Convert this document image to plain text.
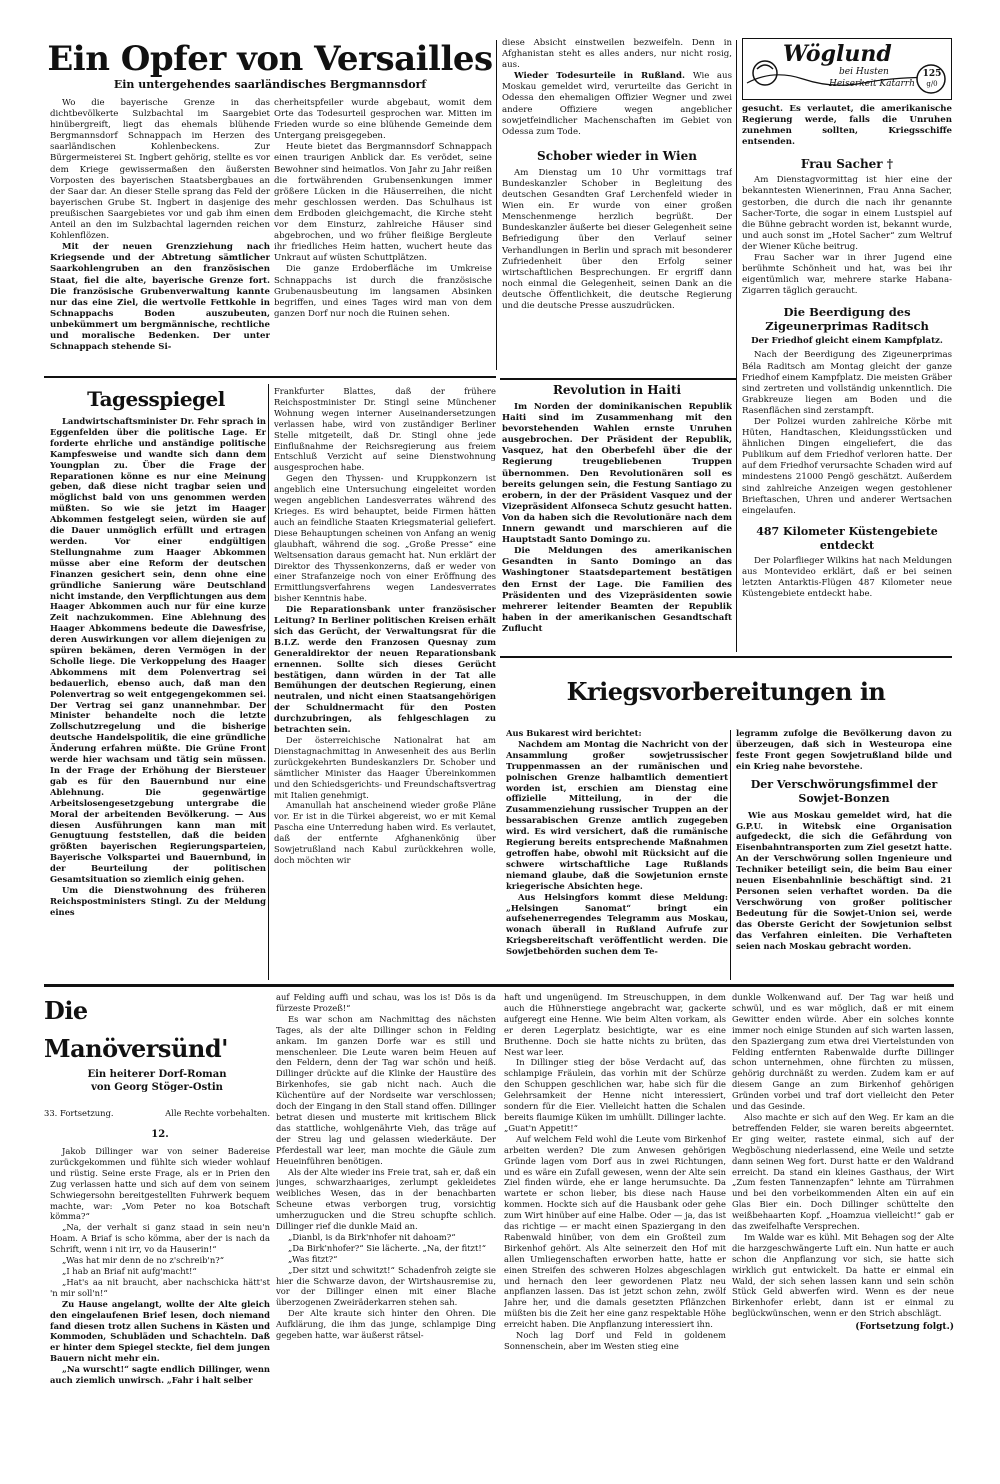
Ein Opfer von Versailles
Ein untergehendes saarländisches Bergmannsdorf

Wo die bayerische Grenze in das dichtbevölkerte Sulzbachtal im Saargebiet hinübergreift, liegt das ehemals blühende Bergmannsdorf Schnappach im Herzen des saarländischen Kohlenbeckens. Zur Bürgermeisterei St. Ingbert gehörig, stellte es vor dem Kriege gewissermaßen den äußersten Vorposten des bayerischen Staatsbergbaues an der Saar dar. An dieser Stelle sprang das Feld der bayerischen Grube St. Ingbert in dasjenige des preußischen Saargebietes vor und gab ihm einen Anteil an den im Sulzbachtal lagernden reichen Kohlenflözen.

Mit der neuen Grenzziehung nach Kriegsende und der Abtretung sämtlicher Saarkohlengruben an den französischen Staat, fiel die alte, bayerische Grenze fort. Die französische Grubenverwaltung kannte nur das eine Ziel, die wertvolle Fettkohle in Schnappachs Boden auszubeuten, unbekümmert um bergmännische, rechtliche und moralische Bedenken. Der unter Schnappach stehende Si-

cherheitspfeiler wurde abgebaut, womit dem Orte das Todesurteil gesprochen war. Mitten im Frieden wurde so eine blühende Gemeinde dem Untergang preisgegeben.

Heute bietet das Bergmannsdorf Schnappach einen traurigen Anblick dar. Es verödet, seine Bewohner sind heimatlos. Von Jahr zu Jahr reißen die fortwährenden Grubensenkungen immer größere Lücken in die Häuserreihen, die nicht mehr geschlossen werden. Das Schulhaus ist dem Erdboden gleichgemacht, die Kirche steht vor dem Einsturz, zahlreiche Häuser sind abgebrochen, und wo früher fleißige Bergleute ihr friedliches Heim hatten, wuchert heute das Unkraut auf wüsten Schuttplätzen.

Die ganze Erdoberfläche im Umkreise Schnappachs ist durch die französische Grubenausbeutung im langsamen Absinken begriffen, und eines Tages wird man von dem ganzen Dorf nur noch die Ruinen sehen.

diese Absicht einstweilen bezweifeln. Denn in Afghanistan steht es alles anders, nur nicht rosig, aus.

Wieder Todesurteile in Rußland. Wie aus Moskau gemeldet wird, verurteilte das Gericht in Odessa den ehemaligen Offizier Wegner und zwei andere Offiziere wegen angeblicher sowjetfeindlicher Machenschaften im Gebiet von Odessa zum Tode.

Schober wieder in Wien

Am Dienstag um 10 Uhr vormittags traf Bundeskanzler Schober in Begleitung des deutschen Gesandten Graf Lerchenfeld wieder in Wien ein. Er wurde von einer großen Menschenmenge herzlich begrüßt. Der Bundeskanzler äußerte bei dieser Gelegenheit seine Befriedigung über den Verlauf seiner Verhandlungen in Berlin und sprach mit besonderer Zufriedenheit über den Erfolg seiner wirtschaftlichen Besprechungen. Er ergriff dann noch einmal die Gelegenheit, seinen Dank an die deutsche Öffentlichkeit, die deutsche Regierung und die deutsche Presse auszudrücken.

Revolution in Haiti

Im Norden der dominikanischen Republik Haiti sind im Zusammenhang mit den bevorstehenden Wahlen ernste Unruhen ausgebrochen. Der Präsident der Republik, Vasquez, hat den Oberbefehl über die der Regierung treugebliebenen Truppen übernommen. Den Revolutionären soll es bereits gelungen sein, die Festung Santiago zu erobern, in der der Präsident Vasquez und der Vizepräsident Alfonseca Schutz gesucht hatten. Von da haben sich die Revolutionäre nach dem Innern gewandt und marschieren auf die Hauptstadt Santo Domingo zu.

Die Meldungen des amerikanischen Gesandten in Santo Domingo an das Washingtoner Staatsdepartement bestätigen den Ernst der Lage. Die Familien des Präsidenten und des Vizepräsidenten sowie mehrerer leitender Beamten der Republik haben in der amerikanischen Gesandtschaft Zuflucht

Wöglund
bei Husten
Heiserkeit Katarrh
125
g/0

gesucht. Es verlautet, die amerikanische Regierung werde, falls die Unruhen zunehmen sollten, Kriegsschiffe entsenden.

Frau Sacher †

Am Dienstagvormittag ist hier eine der bekanntesten Wienerinnen, Frau Anna Sacher, gestorben, die durch die nach ihr genannte Sacher-Torte, die sogar in einem Lustspiel auf die Bühne gebracht worden ist, bekannt wurde, und auch sonst im „Hotel Sacher“ zum Weltruf der Wiener Küche beitrug.

Frau Sacher war in ihrer Jugend eine berühmte Schönheit und hat, was bei ihr eigentümlich war, mehrere starke Habana-Zigarren täglich geraucht.

Die Beerdigung des Zigeunerprimas Raditsch
Der Friedhof gleicht einem Kampfplatz.

Nach der Beerdigung des Zigeunerprimas Béla Raditsch am Montag gleicht der ganze Friedhof einem Kampfplatz. Die meisten Gräber sind zertreten und vollständig unkenntlich. Die Grabkreuze liegen am Boden und die Rasenflächen sind zerstampft.

Der Polizei wurden zahlreiche Körbe mit Hüten, Handtaschen, Kleidungsstücken und ähnlichen Dingen eingeliefert, die das Publikum auf dem Friedhof verloren hatte. Der auf dem Friedhof verursachte Schaden wird auf mindestens 21000 Pengö geschätzt. Außerdem sind zahlreiche Anzeigen wegen gestohlener Brieftaschen, Uhren und anderer Wertsachen eingelaufen.

487 Kilometer Küstengebiete entdeckt

Der Polarflieger Wilkins hat nach Meldungen aus Montevideo erklärt, daß er bei seinen letzten Antarktis-Flügen 487 Kilometer neue Küstengebiete entdeckt habe.

Tagesspiegel

Landwirtschaftsminister Dr. Fehr sprach in Eggenfelden über die politische Lage. Er forderte ehrliche und anständige politische Kampfesweise und wandte sich dann dem Youngplan zu. Über die Frage der Reparationen könne es nur eine Meinung geben, daß diese nicht tragbar seien und möglichst bald von uns genommen werden müßten. So wie sie jetzt im Haager Abkommen festgelegt seien, würden sie auf die Dauer unmöglich erfüllt und ertragen werden. Vor einer endgültigen Stellungnahme zum Haager Abkommen müsse aber eine Reform der deutschen Finanzen gesichert sein, denn ohne eine gründliche Sanierung wäre Deutschland nicht imstande, den Verpflichtungen aus dem Haager Abkommen auch nur für eine kurze Zeit nachzukommen. Eine Ablehnung des Haager Abkommens bedeute die Dawesfrise, deren Auswirkungen vor allem diejenigen zu spüren bekämen, deren Vermögen in der Scholle liege. Die Verkoppelung des Haager Abkommens mit dem Polenvertrag sei bedauerlich, ebenso auch, daß man den Polenvertrag so weit entgegengekommen sei. Der Vertrag sei ganz unannehmbar. Der Minister behandelte noch die letzte Zollschutzregelung und die bisherige deutsche Handelspolitik, die eine gründliche Änderung erfahren müßte. Die Grüne Front werde hier wachsam und tätig sein müssen. In der Frage der Erhöhung der Biersteuer gab es für den Bauernbund nur eine Ablehnung. Die gegenwärtige Arbeitslosengesetzgebung untergrabe die Moral der arbeitenden Bevölkerung. — Aus diesen Ausführungen kann man mit Genugtuung feststellen, daß die beiden größten bayerischen Regierungsparteien, Bayerische Volkspartei und Bauernbund, in der Beurteilung der politischen Gesamtsituation so ziemlich einig gehen.

Um die Dienstwohnung des früheren Reichspostministers Stingl. Zu der Meldung eines

Frankfurter Blattes, daß der frühere Reichspostminister Dr. Stingl seine Münchener Wohnung wegen interner Auseinandersetzungen verlassen habe, wird von zuständiger Berliner Stelle mitgeteilt, daß Dr. Stingl ohne jede Einflußnahme der Reichsregierung aus freiem Entschluß Verzicht auf seine Dienstwohnung ausgesprochen habe.

Gegen den Thyssen- und Kruppkonzern ist angeblich eine Untersuchung eingeleitet worden wegen angeblichen Landesverrates während des Krieges. Es wird behauptet, beide Firmen hätten auch an feindliche Staaten Kriegsmaterial geliefert. Diese Behauptungen scheinen von Anfang an wenig glaubhaft, während die sog. „Große Presse“ eine Weltsensation daraus gemacht hat. Nun erklärt der Direktor des Thyssenkonzerns, daß er weder von einer Strafanzeige noch von einer Eröffnung des Ermittlungsverfahrens wegen Landesverrates bisher Kenntnis habe.

Die Reparationsbank unter französischer Leitung? In Berliner politischen Kreisen erhält sich das Gerücht, der Verwaltungsrat für die B.I.Z. werde den Franzosen Quesnay zum Generaldirektor der neuen Reparationsbank ernennen. Sollte sich dieses Gerücht bestätigen, dann würden in der Tat alle Bemühungen der deutschen Regierung, einen neutralen, und nicht einen Staatsangehörigen der Schuldnermacht für den Posten durchzubringen, als fehlgeschlagen zu betrachten sein.

Der österreichische Nationalrat hat am Dienstagnachmittag in Anwesenheit des aus Berlin zurückgekehrten Bundeskanzlers Dr. Schober und sämtlicher Minister das Haager Übereinkommen und den Schiedsgerichts- und Freundschaftsvertrag mit Italien genehmigt.

Amanullah hat anscheinend wieder große Pläne vor. Er ist in die Türkei abgereist, wo er mit Kemal Pascha eine Unterredung haben wird. Es verlautet, daß der entfernte Afghanenkönig über Sowjetrußland nach Kabul zurückkehren wolle, doch möchten wir

Kriegsvorbereitungen in

Aus Bukarest wird berichtet:

Nachdem am Montag die Nachricht von der Ansammlung großer sowjetrussischer Truppenmassen an der rumänischen und polnischen Grenze halbamtlich dementiert worden ist, erschien am Dienstag eine offizielle Mitteilung, in der die Zusammenziehung russischer Truppen an der bessarabischen Grenze amtlich zugegeben wird. Es wird versichert, daß die rumänische Regierung bereits entsprechende Maßnahmen getroffen habe, obwohl mit Rücksicht auf die schwere wirtschaftliche Lage Rußlands niemand glaube, daß die Sowjetunion ernste kriegerische Absichten hege.

Aus Helsingfors kommt diese Meldung: „Helsingen Sanomat“ bringt ein aufsehenerregendes Telegramm aus Moskau, wonach überall in Rußland Aufrufe zur Kriegsbereitschaft veröffentlicht werden. Die Sowjetbehörden suchen dem Te-

legramm zufolge die Bevölkerung davon zu überzeugen, daß sich in Westeuropa eine feste Front gegen Sowjetrußland bilde und ein Krieg nahe bevorstehe.

Der Verschwörungsfimmel der Sowjet-Bonzen

Wie aus Moskau gemeldet wird, hat die G.P.U. in Witebsk eine Organisation aufgedeckt, die sich die Gefährdung von Eisenbahntransporten zum Ziel gesetzt hatte. An der Verschwörung sollen Ingenieure und Techniker beteiligt sein, die beim Bau einer neuen Eisenbahnlinie beschäftigt sind. 21 Personen seien verhaftet worden. Da die Verschwörung von großer politischer Bedeutung für die Sowjet-Union sei, werde das Oberste Gericht der Sowjetunion selbst das Verfahren einleiten. Die Verhafteten seien nach Moskau gebracht worden.

Die Manöversünd'
Ein heiterer Dorf-Roman
von Georg Stöger-Ostin
33. Fortsetzung.	Alle Rechte vorbehalten.
12.

Jakob Dillinger war von seiner Badereise zurückgekommen und fühlte sich wieder wohlauf und rüstig. Seine erste Frage, als er in Prien den Zug verlassen hatte und sich auf dem von seinem Schwiegersohn bereitgestellten Fuhrwerk bequem machte, war: „Vom Peter no koa Botschaft kömma?“

„Na, der verhalt si ganz staad in sein neu'n Hoam. A Briaf is scho kömma, aber der is nach da Schrift, wenn i nit irr, vo da Hauserin!“

„Was hat mir denn de no z'schreib'n?“

„I hab an Briaf nit aufg'macht!“

„Hat's aa nit braucht, aber nachschicka hätt'st 'n mir soll'n!“

Zu Hause angelangt, wollte der Alte gleich den eingelaufenen Brief lesen, doch niemand fand diesen trotz allen Suchens in Kästen und Kommoden, Schubläden und Schachteln. Daß er hinter dem Spiegel steckte, fiel dem jungen Bauern nicht mehr ein.

„Na wurscht!“ sagte endlich Dillinger, wenn auch ziemlich unwirsch. „Fahr i halt selber

auf Felding auffi und schau, was los is! Dös is da fürzeste Prozeß!“

Es war schon am Nachmittag des nächsten Tages, als der alte Dillinger schon in Felding ankam. Im ganzen Dorfe war es still und menschenleer. Die Leute waren beim Heuen auf den Feldern, denn der Tag war schön und heiß. Dillinger drückte auf die Klinke der Haustüre des Birkenhofes, sie gab nicht nach. Auch die Küchentüre auf der Nordseite war verschlossen; doch der Eingang in den Stall stand offen. Dillinger betrat diesen und musterte mit kritischem Blick das stattliche, wohlgenährte Vieh, das träge auf der Streu lag und gelassen wiederkäute. Der Pferdestall war leer, man mochte die Gäule zum Heueinführen benötigen.

Als der Alte wieder ins Freie trat, sah er, daß ein junges, schwarzhaariges, zerlumpt gekleidetes weibliches Wesen, das in der benachbarten Scheune etwas verborgen trug, vorsichtig umherzugucken und die Streu schupfte schlich. Dillinger rief die dunkle Maid an.

„Dianbl, is da Birk'nhofer nit dahoam?“

„Da Birk'nhofer?“ Sie lächerte. „Na, der fitzt!“

„Was fitzt?“

„Der sitzt und schwitzt!“ Schadenfroh zeigte sie hier die Schwarze davon, der Wirtshausremise zu, vor der Dillinger einen mit einer Blache überzogenen Zweiräderkarren stehen sah.

Der Alte kraute sich hinter den Ohren. Die Aufklärung, die ihm das junge, schlampige Ding gegeben hatte, war äußerst rätsel-

haft und ungenügend. Im Streuschuppen, in dem auch die Hühnerstiege angebracht war, gackerte aufgeregt eine Henne. Wie beim Alten vorkam, als er deren Legerplatz besichtigte, war es eine Bruthenne. Doch sie hatte nichts zu brüten, das Nest war leer.

In Dillinger stieg der böse Verdacht auf, das schlampige Fräulein, das vorhin mit der Schürze den Schuppen geschlichen war, habe sich für die Gelehrsamkeit der Henne nicht interessiert, sondern für die Eier. Vielleicht hatten die Schalen bereits flaumige Küken im umhüllt. Dillinger lachte. „Guat'n Appetit!“

Auf welchem Feld wohl die Leute vom Birkenhof arbeiten werden? Die zum Anwesen gehörigen Gründe lagen vom Dorf aus in zwei Richtungen, und es wäre ein Zufall gewesen, wenn der Alte sein Ziel finden würde, ehe er lange herumsuchte. Da wartete er schon lieber, bis diese nach Hause kommen. Hockte sich auf die Hausbank oder gehe zum Wirt hinüber auf eine Halbe. Oder — ja, das ist das richtige — er macht einen Spaziergang in den Rabenwald hinüber, von dem ein Großteil zum Birkenhof gehört. Als Alte seinerzeit den Hof mit allen Umliegenschaften erworben hatte, hatte er einen Streifen des schweren Holzes abgeschlagen und hernach den leer gewordenen Platz neu anpflanzen lassen. Das ist jetzt schon zehn, zwölf Jahre her, und die damals gesetzten Pflänzchen müßten bis die Zeit her eine ganz respektable Höhe erreicht haben. Die Anpflanzung interessiert ihn.

Noch lag Dorf und Feld in goldenem Sonnenschein, aber im Westen stieg eine

dunkle Wolkenwand auf. Der Tag war heiß und schwül, und es war möglich, daß er mit einem Gewitter enden würde. Aber ein solches konnte immer noch einige Stunden auf sich warten lassen, den Spaziergang zum etwa drei Viertelstunden von Felding entfernten Rabenwalde durfte Dillinger schon unternehmen, ohne fürchten zu müssen, gehörig durchnäßt zu werden. Zudem kam er auf diesem Gange an zum Birkenhof gehörigen Gründen vorbei und traf dort vielleicht den Peter und das Gesinde.

Also machte er sich auf den Weg. Er kam an die betreffenden Felder, sie waren bereits abgeerntet. Er ging weiter, rastete einmal, sich auf der Wegböschung niederlassend, eine Weile und setzte dann seinen Weg fort. Durst hatte er den Waldrand erreicht. Da stand ein kleines Gasthaus, der Wirt „Zum festen Tannenzapfen“ lehnte am Türrahmen und bei den vorbeikommenden Alten ein auf ein Glas Bier ein. Doch Dillinger schüttelte den weißbehaarten Kopf. „Hoamzua vielleicht!“ gab er das zweifelhafte Versprechen.

Im Walde war es kühl. Mit Behagen sog der Alte die harzgeschwängerte Luft ein. Nun hatte er auch schon die Anpflanzung vor sich, sie hatte sich wirklich gut entwickelt. Da hatte er einmal ein Wald, der sich sehen lassen kann und sein schön Stück Geld abwerfen wird. Wenn es der neue Birkenhofer erlebt, dann ist er einmal zu beglückwünschen, wenn er den Strich abschlägt.

(Fortsetzung folgt.)
